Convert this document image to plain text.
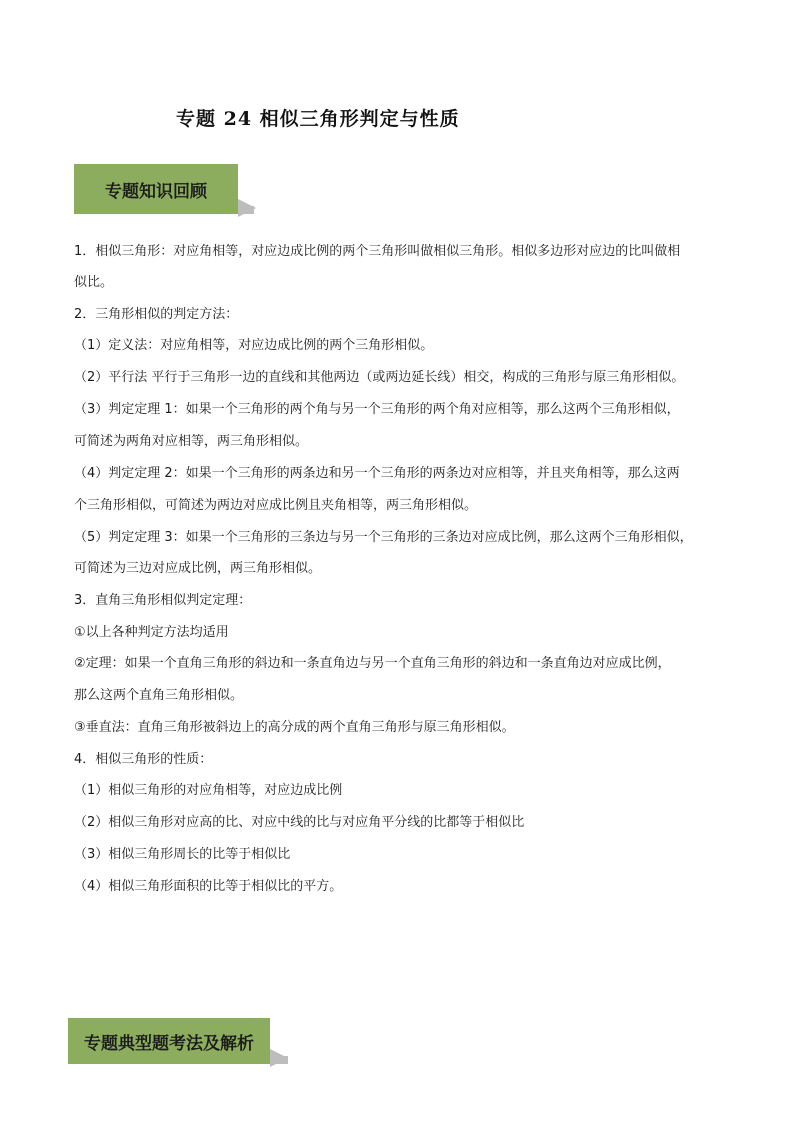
专题 24 相似三角形判定与性质
专题知识回顾
1．相似三角形：对应角相等，对应边成比例的两个三角形叫做相似三角形。相似多边形对应边的比叫做相
似比。
2．三角形相似的判定方法：
（1）定义法：对应角相等，对应边成比例的两个三角形相似。
（2）平行法 平行于三角形一边的直线和其他两边（或两边延长线）相交，构成的三角形与原三角形相似。
（3）判定定理 1：如果一个三角形的两个角与另一个三角形的两个角对应相等，那么这两个三角形相似，
可简述为两角对应相等，两三角形相似。
（4）判定定理 2：如果一个三角形的两条边和另一个三角形的两条边对应相等，并且夹角相等，那么这两
个三角形相似，可简述为两边对应成比例且夹角相等，两三角形相似。
（5）判定定理 3：如果一个三角形的三条边与另一个三角形的三条边对应成比例，那么这两个三角形相似，
可简述为三边对应成比例，两三角形相似。
3．直角三角形相似判定定理：
①以上各种判定方法均适用
②定理：如果一个直角三角形的斜边和一条直角边与另一个直角三角形的斜边和一条直角边对应成比例，
那么这两个直角三角形相似。
③垂直法：直角三角形被斜边上的高分成的两个直角三角形与原三角形相似。
4．相似三角形的性质：
（1）相似三角形的对应角相等，对应边成比例
（2）相似三角形对应高的比、对应中线的比与对应角平分线的比都等于相似比
（3）相似三角形周长的比等于相似比
（4）相似三角形面积的比等于相似比的平方。
专题典型题考法及解析
